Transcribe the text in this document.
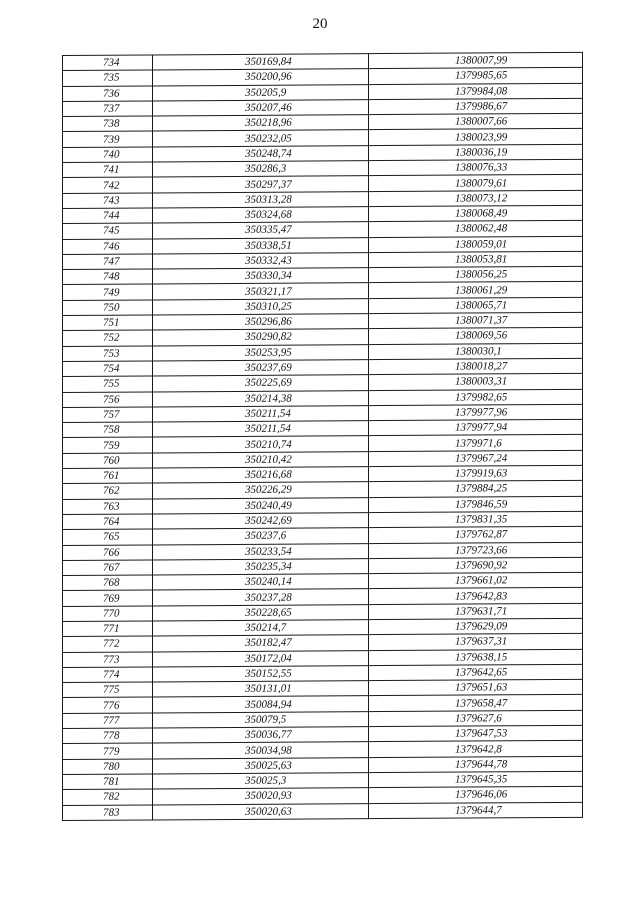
20
734	350169,84	1380007,99
735	350200,96	1379985,65
736	350205,9	1379984,08
737	350207,46	1379986,67
738	350218,96	1380007,66
739	350232,05	1380023,99
740	350248,74	1380036,19
741	350286,3	1380076,33
742	350297,37	1380079,61
743	350313,28	1380073,12
744	350324,68	1380068,49
745	350335,47	1380062,48
746	350338,51	1380059,01
747	350332,43	1380053,81
748	350330,34	1380056,25
749	350321,17	1380061,29
750	350310,25	1380065,71
751	350296,86	1380071,37
752	350290,82	1380069,56
753	350253,95	1380030,1
754	350237,69	1380018,27
755	350225,69	1380003,31
756	350214,38	1379982,65
757	350211,54	1379977,96
758	350211,54	1379977,94
759	350210,74	1379971,6
760	350210,42	1379967,24
761	350216,68	1379919,63
762	350226,29	1379884,25
763	350240,49	1379846,59
764	350242,69	1379831,35
765	350237,6	1379762,87
766	350233,54	1379723,66
767	350235,34	1379690,92
768	350240,14	1379661,02
769	350237,28	1379642,83
770	350228,65	1379631,71
771	350214,7	1379629,09
772	350182,47	1379637,31
773	350172,04	1379638,15
774	350152,55	1379642,65
775	350131,01	1379651,63
776	350084,94	1379658,47
777	350079,5	1379627,6
778	350036,77	1379647,53
779	350034,98	1379642,8
780	350025,63	1379644,78
781	350025,3	1379645,35
782	350020,93	1379646,06
783	350020,63	1379644,7
